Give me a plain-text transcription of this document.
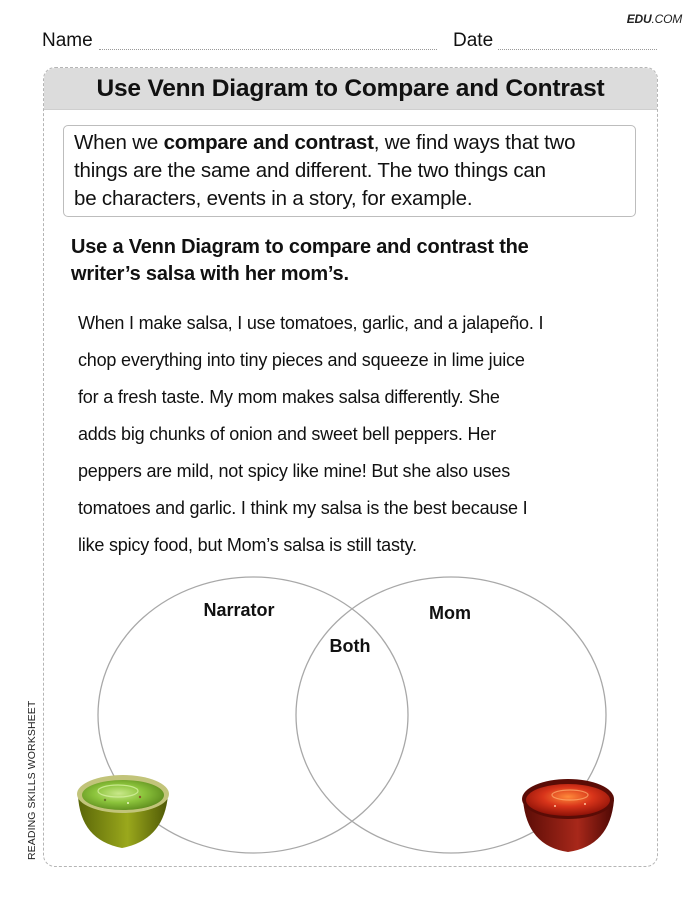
EDU.COM
Name	Date
Use Venn Diagram to Compare and Contrast
When we compare and contrast, we find ways that two
things are the same and different. The two things can
be characters, events in a story, for example.
Use a Venn Diagram to compare and contrast the
writer’s salsa with her mom’s.
When I make salsa, I use tomatoes, garlic, and a jalapeño. I
chop everything into tiny pieces and squeeze in lime juice
for a fresh taste. My mom makes salsa differently. She
adds big chunks of onion and sweet bell peppers. Her
peppers are mild, not spicy like mine! But she also uses
tomatoes and garlic. I think my salsa is the best because I
like spicy food, but Mom’s salsa is still tasty.
Narrator	Mom
Both
READING SKILLS WORKSHEET
